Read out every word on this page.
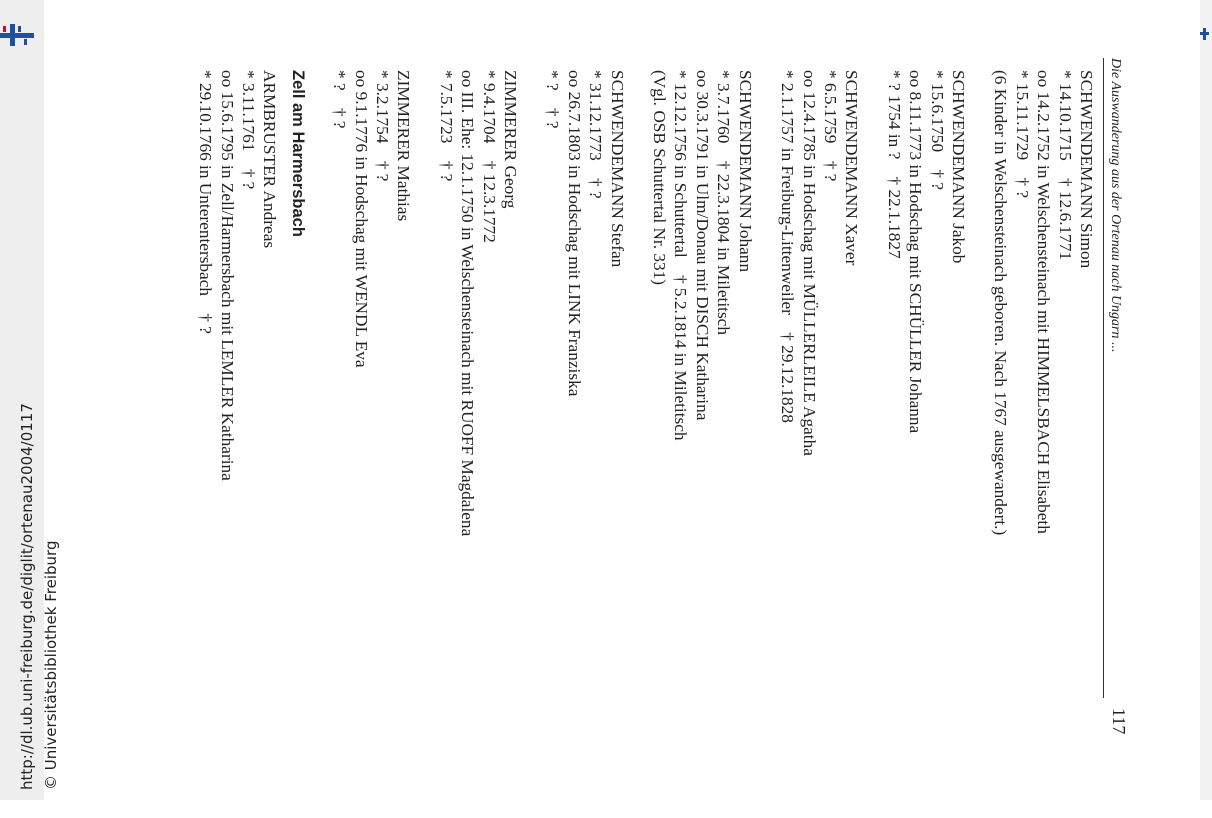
Die Auswanderung aus der Ortenau nach Ungarn ...
117
SCHWENDEMANN Simon
* 14.10.1715    † 12.6.1771
oo 14.2.1752 in Welschensteinach mit HIMMELSBACH Elisabeth
* 15.11.1729    † ?
(6 Kinder in Welschensteinach geboren. Nach 1767 ausgewandert.)
SCHWENDEMANN Jakob
* 15.6.1750    † ?
oo 8.11.1773 in Hodschag mit SCHÜLLER Johanna
* ? 1754 in ?    † 22.1.1827
SCHWENDEMANN Xaver
* 6.5.1759    † ?
oo 12.4.1785 in Hodschag mit MÜLLERLEILE Agatha
* 2.1.1757 in Freiburg-Littenweiler    † 29.12.1828
SCHWENDEMANN Johann
* 3.7.1760    † 22.3.1804 in Miletitsch
oo 30.3.1791 in Ulm/Donau mit DISCH Katharina
* 12.12.1756 in Schuttertal    † 5.2.1814 in Miletitsch
(Vgl. OSB Schuttertal Nr. 331)
SCHWENDEMANN Stefan
* 31.12.1773    † ?
oo 26.7.1803 in Hodschag mit LINK Franziska
* ?    † ?
ZIMMERER Georg
* 9.4.1704    † 12.3.1772
oo III. Ehe: 12.1.1750 in Welschensteinach mit RUOFF Magdalena
* 7.5.1723    † ?
ZIMMERER Mathias
* 3.2.1754    † ?
oo 9.1.1776 in Hodschag mit WENDL Eva
* ?    † ?
Zell am Harmersbach
ARMBRUSTER Andreas
* 3.11.1761    † ?
oo 15.6.1795 in Zell/Harmersbach mit LEMLER Katharina
* 29.10.1766 in Unterentersbach    † ?
http://dl.ub.uni-freiburg.de/diglit/ortenau2004/0117 © Universitätsbibliothek Freiburg
